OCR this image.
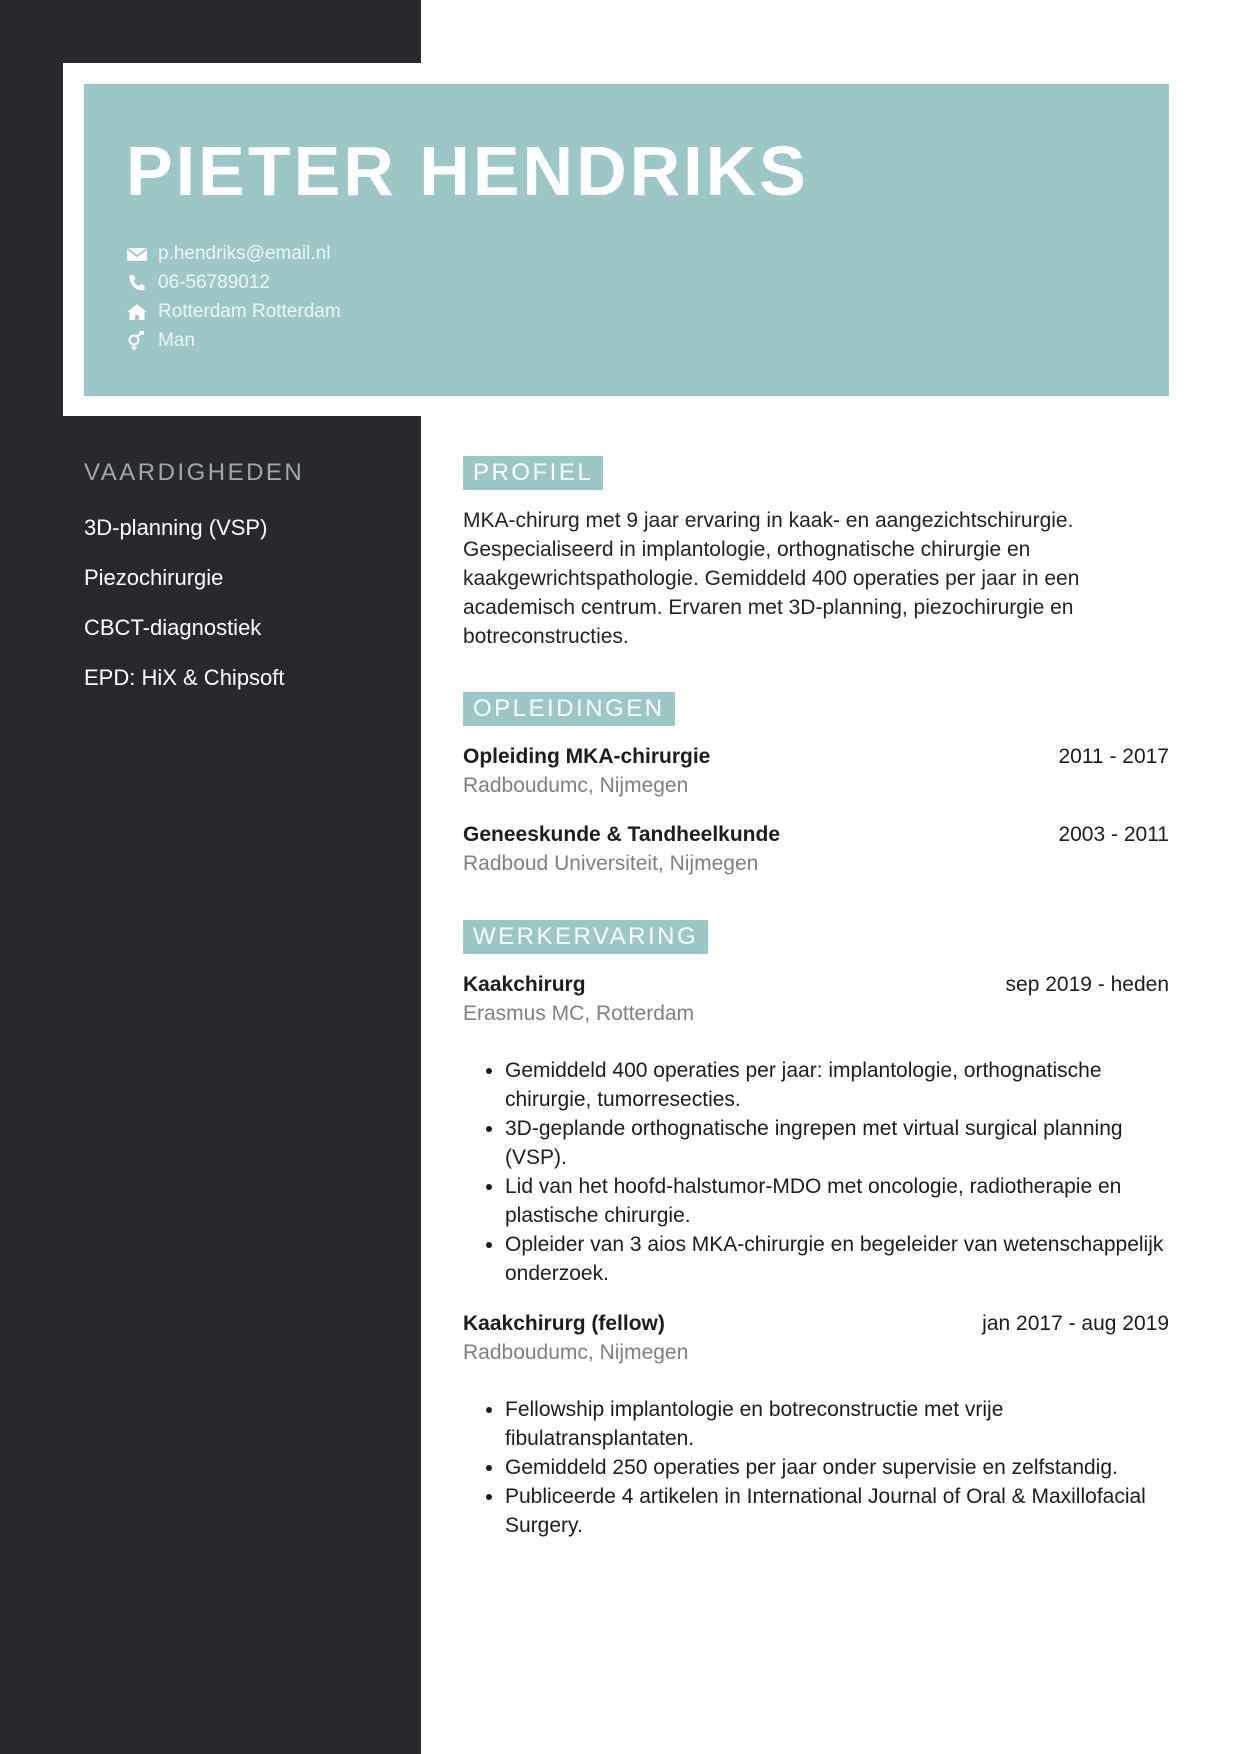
PIETER HENDRIKS
p.hendriks@email.nl
06-56789012
Rotterdam Rotterdam
Man
VAARDIGHEDEN
3D-planning (VSP)
Piezochirurgie
CBCT-diagnostiek
EPD: HiX & Chipsoft
PROFIEL

MKA-chirurg met 9 jaar ervaring in kaak- en aangezichtschirurgie. Gespecialiseerd in implantologie, orthognatische chirurgie en kaakgewrichtspathologie. Gemiddeld 400 operaties per jaar in een academisch centrum. Ervaren met 3D-planning, piezochirurgie en botreconstructies.

OPLEIDINGEN
Opleiding MKA-chirurgie	2011 - 2017
Radboudumc, Nijmegen
Geneeskunde & Tandheelkunde	2003 - 2011
Radboud Universiteit, Nijmegen
WERKERVARING
Kaakchirurg	sep 2019 - heden
Erasmus MC, Rotterdam
• Gemiddeld 400 operaties per jaar: implantologie, orthognatische chirurgie, tumorresecties.
• 3D-geplande orthognatische ingrepen met virtual surgical planning (VSP).
• Lid van het hoofd-halstumor-MDO met oncologie, radiotherapie en plastische chirurgie.
• Opleider van 3 aios MKA-chirurgie en begeleider van wetenschappelijk onderzoek.
Kaakchirurg (fellow)	jan 2017 - aug 2019
Radboudumc, Nijmegen
• Fellowship implantologie en botreconstructie met vrije fibulatransplantaten.
• Gemiddeld 250 operaties per jaar onder supervisie en zelfstandig.
• Publiceerde 4 artikelen in International Journal of Oral & Maxillofacial Surgery.
